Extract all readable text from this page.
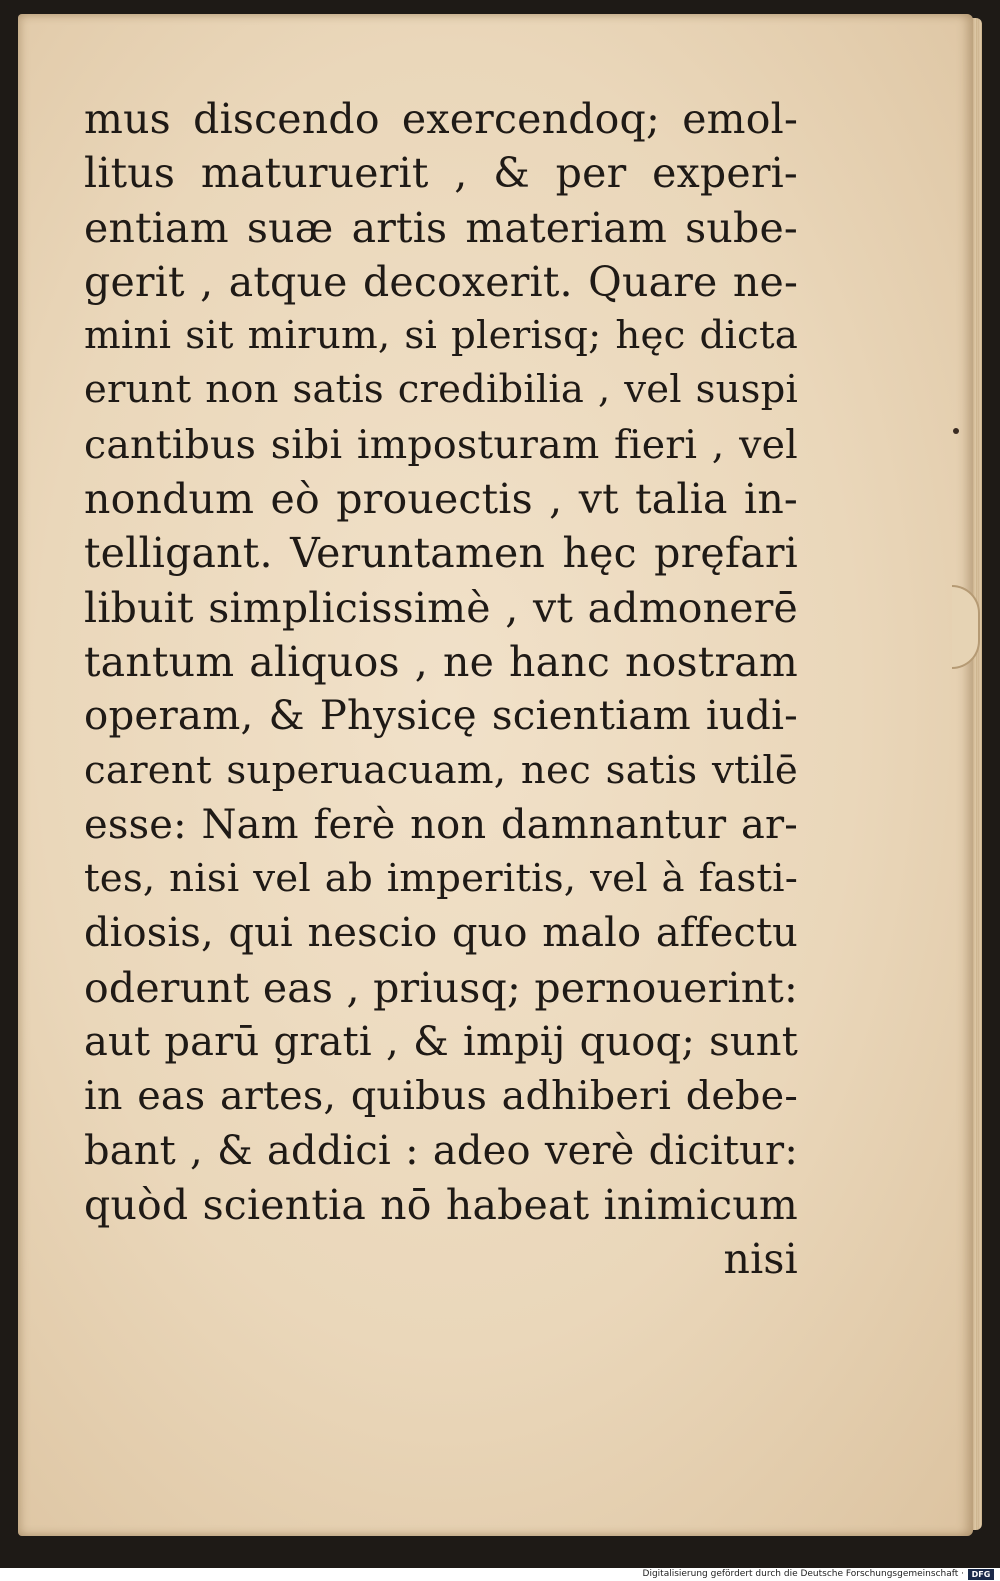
mus discendo exercendoq; emol-
litus maturuerit , & per experi-
entiam suæ artis materiam sube-
gerit , atque decoxerit. Quare ne-
mini sit mirum, si plerisq; hęc dicta
erunt non satis credibilia , vel suspi
cantibus sibi imposturam fieri , vel
nondum eò prouectis , vt talia in-
telligant. Veruntamen hęc pręfari
libuit simplicissimè , vt admonerē
tantum aliquos , ne hanc nostram
operam, & Physicę scientiam iudi-
carent superuacuam, nec satis vtilē
esse: Nam ferè non damnantur ar-
tes, nisi vel ab imperitis, vel à fasti-
diosis, qui nescio quo malo affectu
oderunt eas , priusq; pernouerint:
aut parū grati , & impij quoq; sunt
in eas artes, quibus adhiberi debe-
bant , & addici : adeo verè dicitur:
quòd scientia nō habeat inimicum
nisi
Digitalisierung gefördert durch die Deutsche Forschungsgemeinschaft · DFG
